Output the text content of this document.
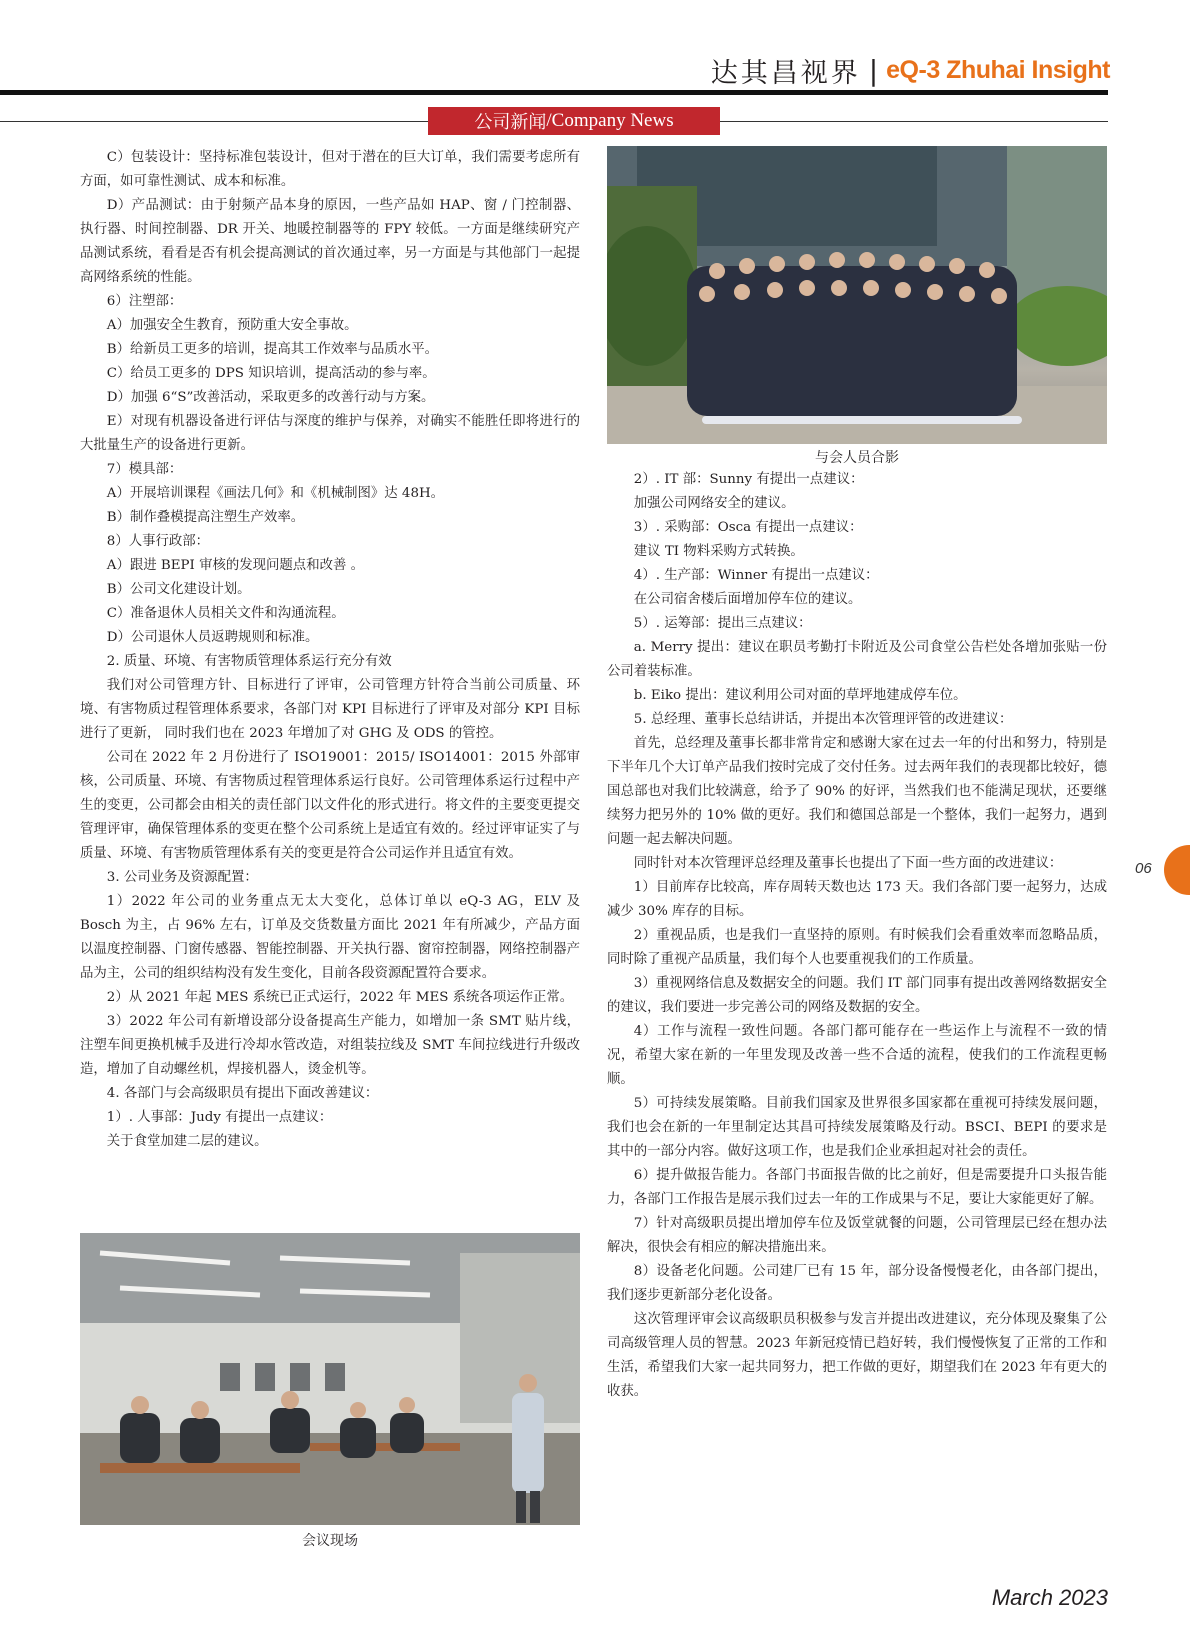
达其昌视界 | eQ-3 Zhuhai Insight
公司新闻 /Company News

C）包装设计：坚持标准包装设计，但对于潜在的巨大订单，我们需要考虑所有方面，如可靠性测试、成本和标准。

D）产品测试：由于射频产品本身的原因，一些产品如 HAP、窗 / 门控制器、执行器、时间控制器、DR 开关、地暖控制器等的 FPY 较低。一方面是继续研究产品测试系统，看看是否有机会提高测试的首次通过率，另一方面是与其他部门一起提高网络系统的性能。

6）注塑部：

A）加强安全生教育，预防重大安全事故。

B）给新员工更多的培训，提高其工作效率与品质水平。

C）给员工更多的 DPS 知识培训，提高活动的参与率。

D）加强 6“S”改善活动，采取更多的改善行动与方案。

E）对现有机器设备进行评估与深度的维护与保养，对确实不能胜任即将进行的大批量生产的设备进行更新。

7）模具部：

A）开展培训课程《画法几何》和《机械制图》达 48H。

B）制作叠模提高注塑生产效率。

8）人事行政部：

A）跟进 BEPI 审核的发现问题点和改善 。

B）公司文化建设计划。

C）准备退休人员相关文件和沟通流程。

D）公司退休人员返聘规则和标准。

2. 质量、环境、有害物质管理体系运行充分有效

我们对公司管理方针、目标进行了评审，公司管理方针符合当前公司质量、环境、有害物质过程管理体系要求，各部门对 KPI 目标进行了评审及对部分 KPI 目标进行了更新， 同时我们也在 2023 年增加了对 GHG 及 ODS 的管控。

公司在 2022 年 2 月份进行了 ISO19001：2015/ ISO14001：2015 外部审核，公司质量、环境、有害物质过程管理体系运行良好。公司管理体系运行过程中产生的变更，公司都会由相关的责任部门以文件化的形式进行。将文件的主要变更提交管理评审，确保管理体系的变更在整个公司系统上是适宜有效的。经过评审证实了与质量、环境、有害物质管理体系有关的变更是符合公司运作并且适宜有效。

3. 公司业务及资源配置：

1）2022 年公司的业务重点无太大变化，总体订单以 eQ-3 AG，ELV 及 Bosch 为主，占 96% 左右，订单及交货数量方面比 2021 年有所减少，产品方面以温度控制器、门窗传感器、智能控制器、开关执行器、窗帘控制器，网络控制器产品为主，公司的组织结构没有发生变化，目前各段资源配置符合要求。

2）从 2021 年起 MES 系统已正式运行，2022 年 MES 系统各项运作正常。

3）2022 年公司有新增设部分设备提高生产能力，如增加一条 SMT 贴片线，注塑车间更换机械手及进行冷却水管改造，对组装拉线及 SMT 车间拉线进行升级改造，增加了自动螺丝机，焊接机器人，烫金机等。

4. 各部门与会高级职员有提出下面改善建议：

1）. 人事部：Judy 有提出一点建议：

关于食堂加建二层的建议。

2）. IT 部：Sunny 有提出一点建议：

加强公司网络安全的建议。

3）. 采购部：Osca 有提出一点建议：

建议 TI 物料采购方式转换。

4）. 生产部：Winner 有提出一点建议：

在公司宿舍楼后面增加停车位的建议。

5）. 运筹部：提出三点建议：

a. Merry 提出：建议在职员考勤打卡附近及公司食堂公告栏处各增加张贴一份公司着装标准。

b. Eiko 提出：建议利用公司对面的草坪地建成停车位。

5. 总经理、董事长总结讲话，并提出本次管理评管的改进建议：

首先，总经理及董事长都非常肯定和感谢大家在过去一年的付出和努力，特别是下半年几个大订单产品我们按时完成了交付任务。过去两年我们的表现都比较好，德国总部也对我们比较满意，给予了 90% 的好评，当然我们也不能满足现状，还要继续努力把另外的 10% 做的更好。我们和德国总部是一个整体，我们一起努力，遇到问题一起去解决问题。

同时针对本次管理评总经理及董事长也提出了下面一些方面的改进建议：

1）目前库存比较高，库存周转天数也达 173 天。我们各部门要一起努力，达成减少 30% 库存的目标。

2）重视品质，也是我们一直坚持的原则。有时候我们会看重效率而忽略品质，同时除了重视产品质量，我们每个人也要重视我们的工作质量。

3）重视网络信息及数据安全的问题。我们 IT 部门同事有提出改善网络数据安全的建议，我们要进一步完善公司的网络及数据的安全。

4）工作与流程一致性问题。各部门都可能存在一些运作上与流程不一致的情况，希望大家在新的一年里发现及改善一些不合适的流程，使我们的工作流程更畅顺。

5）可持续发展策略。目前我们国家及世界很多国家都在重视可持续发展问题，我们也会在新的一年里制定达其昌可持续发展策略及行动。BSCI、BEPI 的要求是其中的一部分内容。做好这项工作，也是我们企业承担起对社会的责任。

6）提升做报告能力。各部门书面报告做的比之前好，但是需要提升口头报告能力，各部门工作报告是展示我们过去一年的工作成果与不足，要让大家能更好了解。

7）针对高级职员提出增加停车位及饭堂就餐的问题，公司管理层已经在想办法解决，很快会有相应的解决措施出来。

8）设备老化问题。公司建厂已有 15 年，部分设备慢慢老化，由各部门提出，我们逐步更新部分老化设备。

这次管理评审会议高级职员积极参与发言并提出改进建议，充分体现及聚集了公司高级管理人员的智慧。2023 年新冠疫情已趋好转，我们慢慢恢复了正常的工作和生活，希望我们大家一起共同努力，把工作做的更好，期望我们在 2023 年有更大的收获。

与会人员合影
会议现场
06
March 2023
